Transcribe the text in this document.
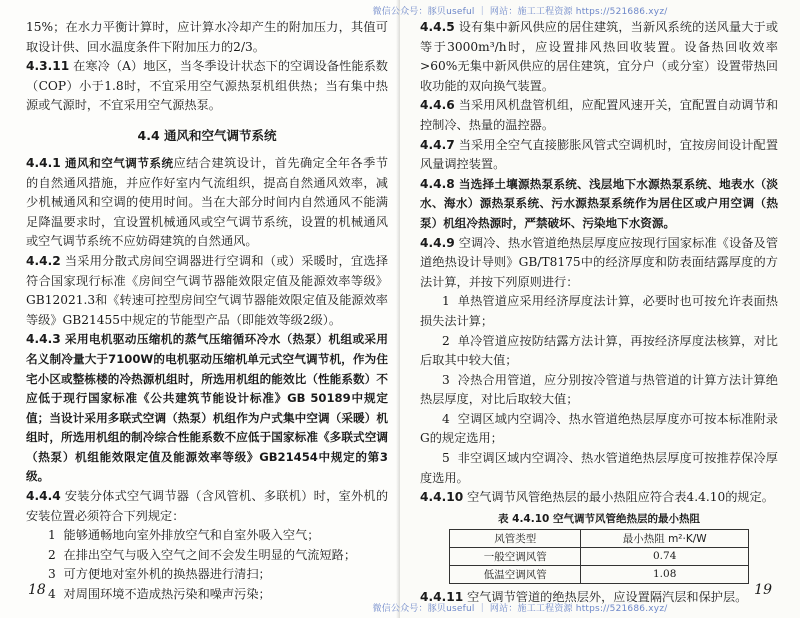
15%；在水力平衡计算时，应计算水冷却产生的附加压力，其值可取设计供、回水温度条件下附加压力的2/3。

4.3.11 在寒冷（A）地区，当冬季设计状态下的空调设备性能系数（COP）小于1.8时，不宜采用空气源热泵机组供热；当有集中热源或气源时，不宜采用空气源热泵。

4.4 通风和空气调节系统

4.4.1 通风和空气调节系统应结合建筑设计，首先确定全年各季节的自然通风措施，并应作好室内气流组织，提高自然通风效率，减少机械通风和空调的使用时间。当在大部分时间内自然通风不能满足降温要求时，宜设置机械通风或空气调节系统，设置的机械通风或空气调节系统不应妨碍建筑的自然通风。

4.4.2 当采用分散式房间空调器进行空调和（或）采暖时，宜选择符合国家现行标准《房间空气调节器能效限定值及能源效率等级》GB12021.3和《转速可控型房间空气调节器能效限定值及能源效率等级》GB21455中规定的节能型产品（即能效等级2级）。

4.4.3 采用电机驱动压缩机的蒸气压缩循环冷水（热泵）机组或采用名义制冷量大于7100W的电机驱动压缩机单元式空气调节机，作为住宅小区或整栋楼的冷热源机组时，所选用机组的能效比（性能系数）不应低于现行国家标准《公共建筑节能设计标准》GB 50189中规定值；当设计采用多联式空调（热泵）机组作为户式集中空调（采暖）机组时，所选用机组的制冷综合性能系数不应低于国家标准《多联式空调（热泵）机组能效限定值及能源效率等级》GB21454中规定的第3级。

4.4.4 安装分体式空气调节器（含风管机、多联机）时，室外机的安装位置必须符合下列规定：

1 能够通畅地向室外排放空气和自室外吸入空气；

2 在排出空气与吸入空气之间不会发生明显的气流短路；

3 可方便地对室外机的换热器进行清扫；

4 对周围环境不造成热污染和噪声污染；

18

4.4.5 设有集中新风供应的居住建筑，当新风系统的送风量大于或等于3000m³/h时，应设置排风热回收装置。设备热回收效率>60%无集中新风供应的居住建筑，宜分户（或分室）设置带热回收功能的双向换气装置。

4.4.6 当采用风机盘管机组，应配置风速开关，宜配置自动调节和控制冷、热量的温控器。

4.4.7 当采用全空气直接膨胀风管式空调机时，宜按房间设计配置风量调控装置。

4.4.8 当选择土壤源热泵系统、浅层地下水源热泵系统、地表水（淡水、海水）源热泵系统、污水源热泵系统作为居住区或户用空调（热泵）机组冷热源时，严禁破坏、污染地下水资源。

4.4.9 空调冷、热水管道绝热层厚度应按现行国家标准《设备及管道绝热设计导则》GB/T8175中的经济厚度和防表面结露厚度的方法计算，并按下列原则进行：

1 单热管道应采用经济厚度法计算，必要时也可按允许表面热损失法计算；

2 单冷管道应按防结露方法计算，再按经济厚度法核算，对比后取其中较大值；

3 冷热合用管道，应分别按冷管道与热管道的计算方法计算绝热层厚度，对比后取较大值；

4 空调区域内空调冷、热水管道绝热层厚度亦可按本标准附录G的规定选用；

5 非空调区域内空调冷、热水管道绝热层厚度可按推荐保冷厚度选用。

4.4.10 空气调节风管绝热层的最小热阻应符合表4.4.10的规定。

表 4.4.10 空气调节风管绝热层的最小热阻
风管类型	最小热阻 m²·K/W
一般空调风管	0.74
低温空调风管	1.08

4.4.11 空气调节管道的绝热层外，应设置隔汽层和保护层。 19
微信公众号：豚贝useful ｜ 网站：施工工程资源 https://521686.xyz/
微信公众号：豚贝useful ｜ 网站：施工工程资源 https://521686.xyz/
